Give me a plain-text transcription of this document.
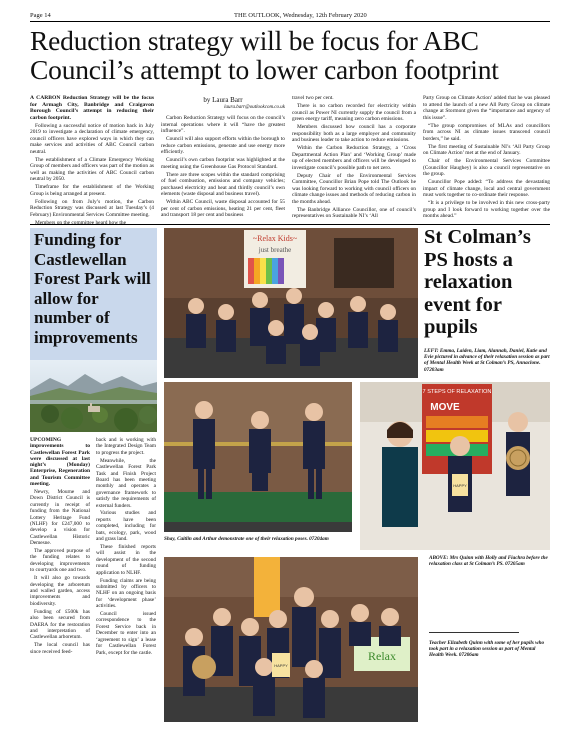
Page 14	THE OUTLOOK, Wednesday, 12th February 2020
Reduction strategy will be focus for ABC Council’s attempt to lower carbon footprint

A CARBON Reduction Strategy will be the focus for Armagh City, Banbridge and Craigavon Borough Council’s attempt in reducing their carbon footprint.

Following a successful notice of motion back in July 2019 to investigate a declaration of climate emergency, council officers have explored ways in which they can make services and activities of ABC Council carbon neutral.

The establishment of a Climate Emergency Working Group of members and officers was part of the motion as well as making the activities of ABC Council carbon neutral by 2050.

Timeframe for the establishment of the Working Group is being arranged at present.

Following on from July’s motion, the Carbon Reduction Strategy was discussed at last Tuesday’s (4 February) Environmental Services Committee meeting.

Members on the committee heard how the

by Laura Barr
laura.barr@outlookcom.co.uk

Carbon Reduction Strategy will focus on the council’s internal operations where it will “have the greatest influence”.

Council will also support efforts within the borough to reduce carbon emissions, generate and use energy more efficiently.

Council’s own carbon footprint was highlighted at the meeting using the Greenhouse Gas Protocol Standard.

There are three scopes within the standard comprising of fuel combustion, emissions and company vehicles; purchased electricity and heat and thirdly council’s own elements (waste disposal and business travel).

Within ABC Council, waste disposal accounted for 55 per cent of carbon emissions, heating 21 per cent, fleet and transport 18 per cent and business

travel two per cent.

There is no carbon recorded for electricity within council as Power NI currently supply the council from a green energy tariff, meaning zero carbon emissions.

Members discussed how council has a corporate responsibility both as a large employer and community and business leader to take action to reduce emissions.

Within the Carbon Reduction Strategy, a ‘Cross Departmental Action Plan’ and ‘Working Group’ made up of elected members and officers will be developed to investigate council’s possible path to net zero.

Deputy Chair of the Environmental Services Committee, Councillor Brian Pope told The Outlook he was looking forward to working with council officers on climate change issues and methods of reducing carbon in the months ahead.

The Banbridge Alliance Councillor, one of council’s representatives on Sustainable NI’s ‘All

Party Group on Climate Action’ added that he was pleased to attend the launch of a new All Party Group on climate change at Stormont given the “importance and urgency of this issue”.

“The group compromises of MLAs and councillors from across NI as climate issues transcend council borders,” he said.

The first meeting of Sustainable NI’s ‘All Party Group on Climate Action’ met at the end of January.

Chair of the Environmental Services Committee (Councillor Haughey) is also a council representative on the group.

Councillor Pope added: “To address the devastating impact of climate change, local and central government must work together to co-ordinate their response.

“It is a privilege to be involved in this new cross-party group and I look forward to working together over the months ahead.”

Funding for Castlewellan Forest Park will allow for number of improvements

UPCOMING improvements to Castlewellan Forest Park were discussed at last night’s (Monday) Enterprise, Regeneration and Tourism Committee meeting.

Newry, Mourne and Down District Council is currently in receipt of funding from the National Lottery Heritage Fund (NLHF) for £247,000 to develop a vision for Castlewellan Historic Demesne.

The approved purpose of the funding relates to developing improvements to courtyards one and two.

It will also go towards developing the arboretum and walled garden, access improvements and biodiversity.

Funding of £500k has also been secured from DAERA for the restoration and interpretation of Castlewellan arboretum.

The local council has since received feed-

back and is working with the Integrated Design Team to progress the project.

Meanwhile, the Castlewellan Forest Park Task and Finish Project Board has been meeting monthly and operates a governance framework to satisfy the requirements of external funders.

Various studies and reports have been completed, including for bats, ecology, park, wood and grass land.

These finished reports will assist in the development of the second round of funding application to NLHF.

Funding claims are being submitted by officers to NLHF on an ongoing basis for ‘development phase’ activities.

Council issued correspondence to the Forest Service back in December to enter into an ‘agreement to sign’ a lease for Castlewellan Forest Park, except for the castle.

~Relax Kids~
just breathe
St Colman’s PS hosts a relaxation event for pupils
LEFT: Emma, Laiden, Liam, Alannah, Daniel, Katie and Evie pictured in advance of their relaxation session as part of Mental Health Week at St Colman’s PS, Annaclone. 07203am
Shay, Caitlin and Arthur demonstrate one of their relaxation poses. 07204am
7 STEPS OF RELAXATION
MOVE
HAPPY
ABOVE: Mrs Quinn with Holly and Fiachra before the relaxation class at St Colman’s PS. 07205am
Teacher Elizabeth Quinn with some of her pupils who took part in a relaxation session as part of Mental Health Week. 07206am
Relax
HAPPY
